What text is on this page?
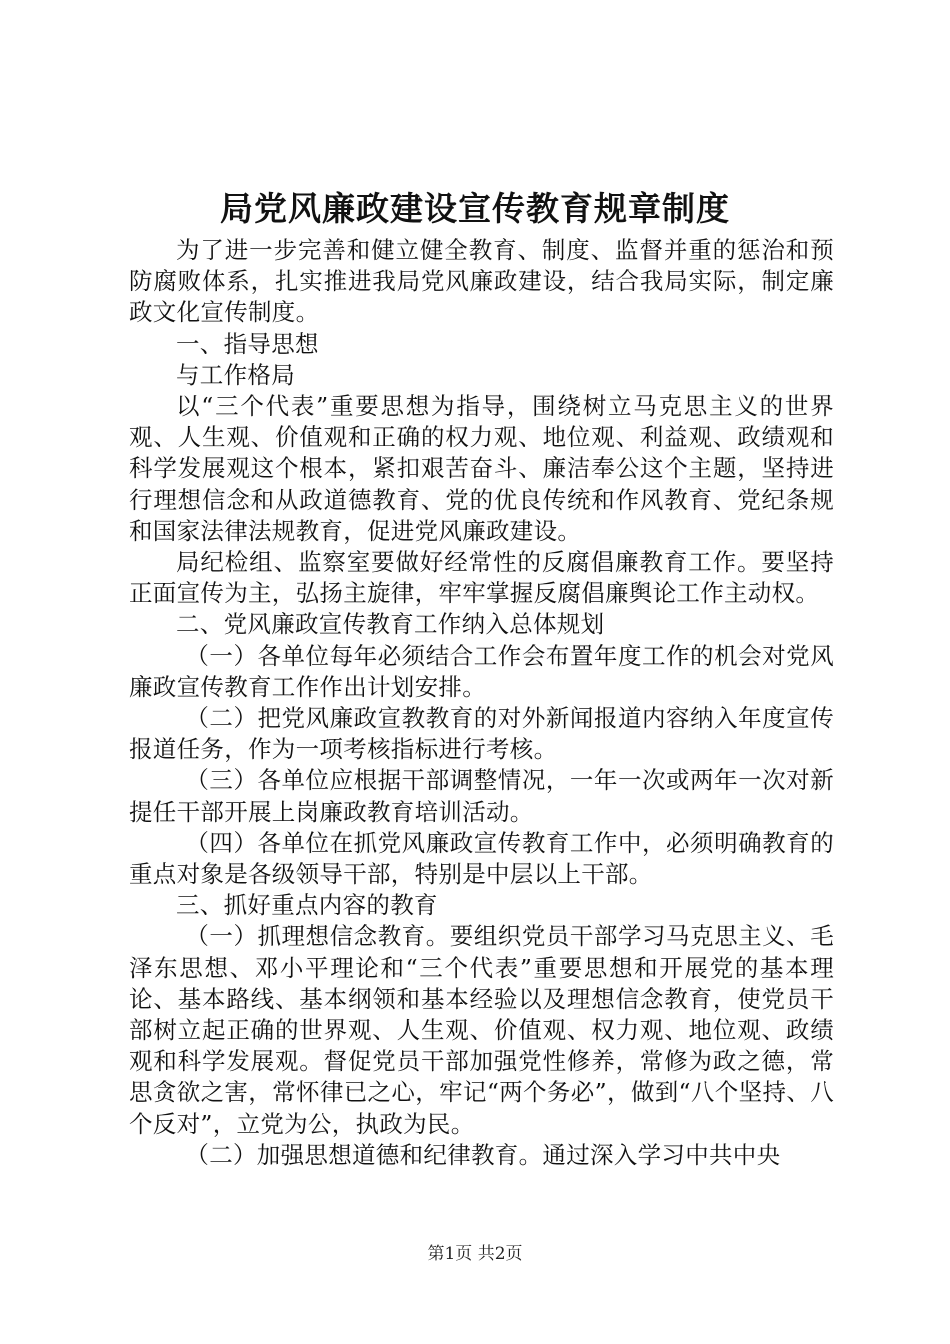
局党风廉政建设宣传教育规章制度

为了进一步完善和健立健全教育、制度、监督并重的惩治和预防腐败体系，扎实推进我局党风廉政建设，结合我局实际，制定廉政文化宣传制度。

一、指导思想

与工作格局

以“三个代表”重要思想为指导，围绕树立马克思主义的世界观、人生观、价值观和正确的权力观、地位观、利益观、政绩观和科学发展观这个根本，紧扣艰苦奋斗、廉洁奉公这个主题，坚持进行理想信念和从政道德教育、党的优良传统和作风教育、党纪条规和国家法律法规教育，促进党风廉政建设。

局纪检组、监察室要做好经常性的反腐倡廉教育工作。要坚持正面宣传为主，弘扬主旋律，牢牢掌握反腐倡廉舆论工作主动权。

二、党风廉政宣传教育工作纳入总体规划

（一）各单位每年必须结合工作会布置年度工作的机会对党风廉政宣传教育工作作出计划安排。

（二）把党风廉政宣教教育的对外新闻报道内容纳入年度宣传报道任务，作为一项考核指标进行考核。

（三）各单位应根据干部调整情况，一年一次或两年一次对新提任干部开展上岗廉政教育培训活动。

（四）各单位在抓党风廉政宣传教育工作中，必须明确教育的重点对象是各级领导干部，特别是中层以上干部。

三、抓好重点内容的教育

（一）抓理想信念教育。要组织党员干部学习马克思主义、毛泽东思想、邓小平理论和“三个代表”重要思想和开展党的基本理论、基本路线、基本纲领和基本经验以及理想信念教育，使党员干部树立起正确的世界观、人生观、价值观、权力观、地位观、政绩观和科学发展观。督促党员干部加强党性修养，常修为政之德，常思贪欲之害，常怀律已之心，牢记“两个务必”，做到“八个坚持、八个反对”，立党为公，执政为民。

（二）加强思想道德和纪律教育。通过深入学习中共中央

第1页 共2页
